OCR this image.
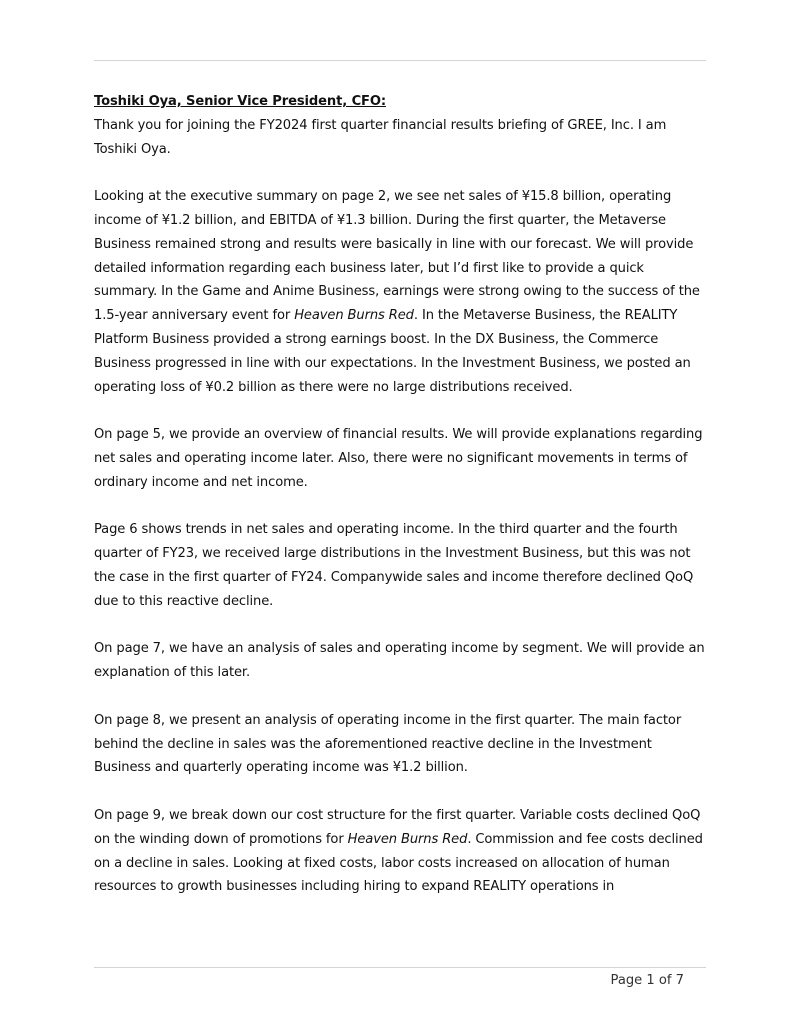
Toshiki Oya, Senior Vice President, CFO:

Thank you for joining the FY2024 first quarter financial results briefing of GREE, Inc. I am Toshiki Oya.

Looking at the executive summary on page 2, we see net sales of ¥15.8 billion, operating income of ¥1.2 billion, and EBITDA of ¥1.3 billion. During the first quarter, the Metaverse Business remained strong and results were basically in line with our forecast. We will provide detailed information regarding each business later, but I’d first like to provide a quick summary. In the Game and Anime Business, earnings were strong owing to the success of the 1.5-year anniversary event for Heaven Burns Red. In the Metaverse Business, the REALITY Platform Business provided a strong earnings boost. In the DX Business, the Commerce Business progressed in line with our expectations. In the Investment Business, we posted an operating loss of ¥0.2 billion as there were no large distributions received.

On page 5, we provide an overview of financial results. We will provide explanations regarding net sales and operating income later. Also, there were no significant movements in terms of ordinary income and net income.

Page 6 shows trends in net sales and operating income. In the third quarter and the fourth quarter of FY23, we received large distributions in the Investment Business, but this was not the case in the first quarter of FY24. Companywide sales and income therefore declined QoQ due to this reactive decline.

On page 7, we have an analysis of sales and operating income by segment. We will provide an explanation of this later.

On page 8, we present an analysis of operating income in the first quarter. The main factor behind the decline in sales was the aforementioned reactive decline in the Investment Business and quarterly operating income was ¥1.2 billion.

On page 9, we break down our cost structure for the first quarter. Variable costs declined QoQ on the winding down of promotions for Heaven Burns Red. Commission and fee costs declined on a decline in sales. Looking at fixed costs, labor costs increased on allocation of human resources to growth businesses including hiring to expand REALITY operations in

Page 1 of 7
